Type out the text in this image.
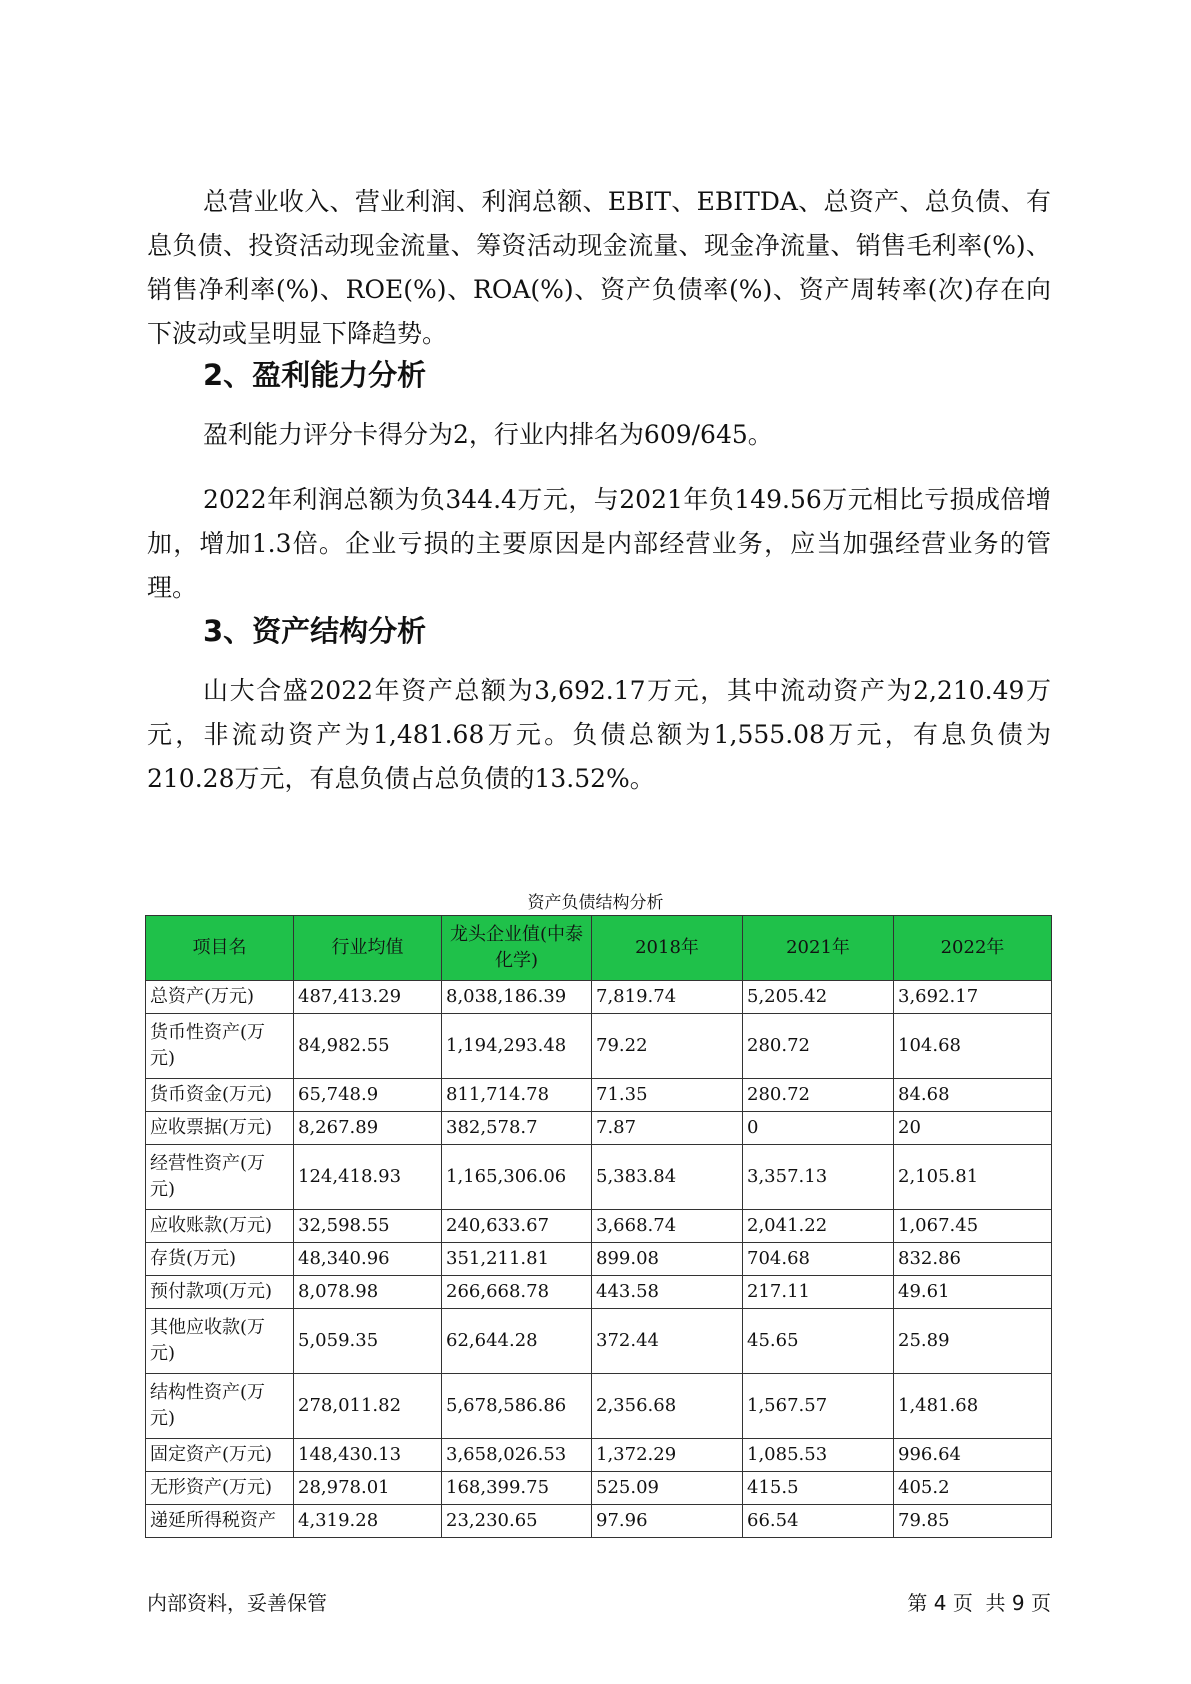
总营业收入、营业利润、利润总额、EBIT、EBITDA、总资产、总负债、有息负债、投资活动现金流量、筹资活动现金流量、现金净流量、销售毛利率(%)、销售净利率(%)、ROE(%)、ROA(%)、资产负债率(%)、资产周转率(次)存在向下波动或呈明显下降趋势。

2、盈利能力分析

盈利能力评分卡得分为2，行业内排名为609/645。

2022年利润总额为负344.4万元，与2021年负149.56万元相比亏损成倍增加，增加1.3倍。企业亏损的主要原因是内部经营业务，应当加强经营业务的管理。

3、资产结构分析

山大合盛2022年资产总额为3,692.17万元，其中流动资产为2,210.49万元，非流动资产为1,481.68万元。负债总额为1,555.08万元，有息负债为210.28万元，有息负债占总负债的13.52%。

资产负债结构分析
项目名	行业均值	龙头企业值(中泰化学)	2018年	2021年	2022年
总资产(万元)	487,413.29	8,038,186.39	7,819.74	5,205.42	3,692.17
货币性资产(万元)	84,982.55	1,194,293.48	79.22	280.72	104.68
货币资金(万元)	65,748.9	811,714.78	71.35	280.72	84.68
应收票据(万元)	8,267.89	382,578.7	7.87	0	20
经营性资产(万元)	124,418.93	1,165,306.06	5,383.84	3,357.13	2,105.81
应收账款(万元)	32,598.55	240,633.67	3,668.74	2,041.22	1,067.45
存货(万元)	48,340.96	351,211.81	899.08	704.68	832.86
预付款项(万元)	8,078.98	266,668.78	443.58	217.11	49.61
其他应收款(万元)	5,059.35	62,644.28	372.44	45.65	25.89
结构性资产(万元)	278,011.82	5,678,586.86	2,356.68	1,567.57	1,481.68
固定资产(万元)	148,430.13	3,658,026.53	1,372.29	1,085.53	996.64
无形资产(万元)	28,978.01	168,399.75	525.09	415.5	405.2
递延所得税资产	4,319.28	23,230.65	97.96	66.54	79.85
内部资料，妥善保管	第 4 页  共 9 页
